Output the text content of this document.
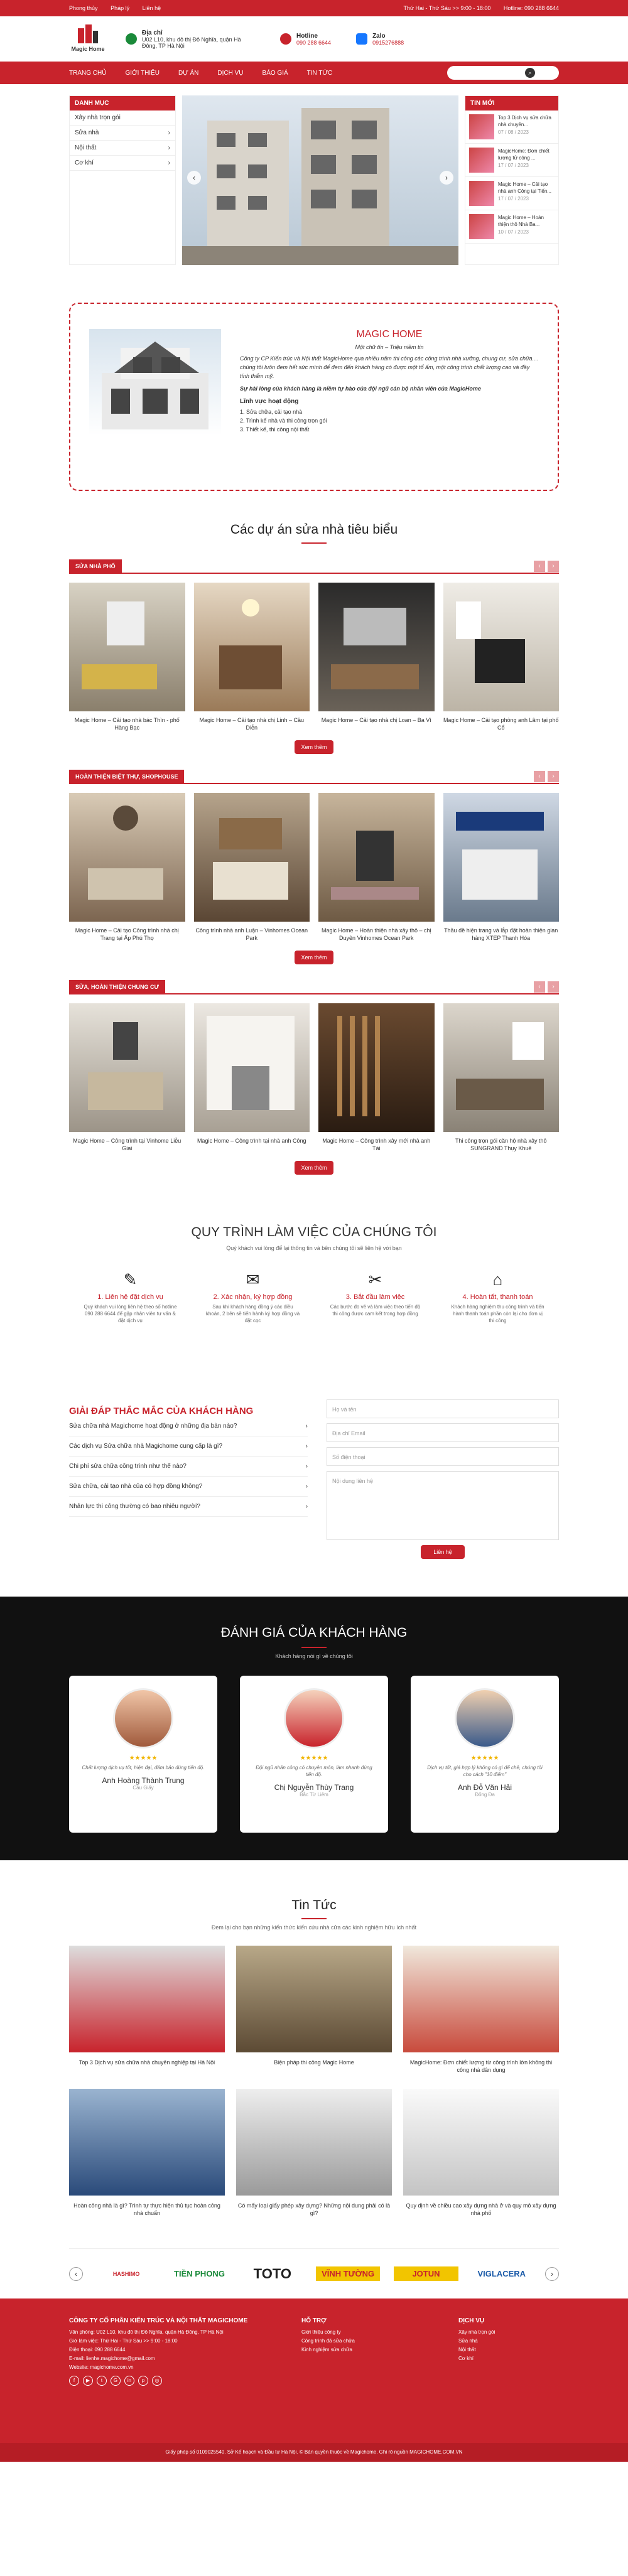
Phong thủy Pháp lý Liên hệ	Thứ Hai - Thứ Sáu >> 9:00 - 18:00 Hotline: 090 288 6644
Magic Home
Địa chỉ
U02 L10, khu đô thị Đô Nghĩa, quận Hà Đông, TP Hà Nội
Hotline
090 288 6644
Zalo
0915276888
TRANG CHỦ	GIỚI THIỆU	DỰ ÁN	DỊCH VỤ	BÁO GIÁ	TIN TỨC	Tìm kiếm	⌕
DANH MỤC
Xây nhà trọn gói
Sửa nhà	›
Nội thất	›
Cơ khí	›
‹	›
TIN MỚI

Top 3 Dịch vụ sửa chữa nhà chuyên...

07 / 08 / 2023

MagicHome: Đơn chiết lượng tử công ...

17 / 07 / 2023

Magic Home – Cải tạo nhà anh Công tại Tiến...

17 / 07 / 2023

Magic Home – Hoàn thiện thô Nhà Ba...

10 / 07 / 2023
MAGIC HOME
Một chữ tín – Triệu niềm tin

Công ty CP Kiến trúc và Nội thất MagicHome qua nhiều năm thi công các công trình nhà xưởng, chung cư, sửa chữa.... chúng tôi luôn đem hết sức mình để đem đến khách hàng có được một tổ ấm, một công trình chất lượng cao và đầy tính thẩm mỹ.

Sự hài lòng của khách hàng là niềm tự hào của đội ngũ cán bộ nhân viên của MagicHome

Lĩnh vực hoạt động

1. Sửa chữa, cải tạo nhà

2. Trình kế nhà và thi công trọn gói

3. Thiết kế, thi công nội thất

Các dự án sửa nhà tiêu biểu
SỬA NHÀ PHỐ	‹	›

Magic Home – Cải tạo nhà bác Thìn - phố Hàng Bạc

Magic Home – Cải tạo nhà chị Linh – Cầu Diễn

Magic Home – Cải tạo nhà chị Loan – Ba Vì	Magic Home – Cải tạo phòng anh Lâm tại phố Cổ

Xem thêm
HOÀN THIỆN BIỆT THỰ, SHOPHOUSE	‹	›

Magic Home – Cải tạo Công trình nhà chị Trang tại Ấp Phú Thọ

Công trình nhà anh Luận – Vinhomes Ocean Park

Magic Home – Hoàn thiện nhà xây thô – chị Duyên Vinhomes Ocean Park

Thầu đề hiện trang và lắp đặt hoàn thiện gian hàng XTEP Thanh Hóa

Xem thêm
SỬA, HOÀN THIỆN CHUNG CƯ	‹	›

Magic Home – Công trình tại Vinhome Liễu Giai

Magic Home – Công trình tại nhà anh Công	Magic Home – Công trình xây mới nhà anh Tài

Thi công trọn gói căn hộ nhà xây thô SUNGRAND Thụy Khuê

Xem thêm
QUY TRÌNH LÀM VIỆC CỦA CHÚNG TÔI
Quý khách vui lòng để lại thông tin và bên chúng tôi sẽ liên hệ với bạn
✎
1. Liên hệ đặt dịch vụ

Quý khách vui lòng liên hệ theo số hotline 090 288 6644 để gặp nhân viên tư vấn & đặt dịch vụ

✉
2. Xác nhận, ký hợp đồng

Sau khi khách hàng đồng ý các điều khoản, 2 bên sẽ tiến hành ký hợp đồng và đặt cọc

✂
3. Bắt đầu làm việc

Các bước đo vẽ và làm việc theo tiến độ thi công được cam kết trong hợp đồng

⌂
4. Hoàn tất, thanh toán

Khách hàng nghiệm thu công trình và tiến hành thanh toán phần còn lại cho đơn vị thi công

GIẢI ĐÁP THẮC MẮC CỦA KHÁCH HÀNG
Sửa chữa nhà Magichome hoạt động ở những địa bàn nào?	›
Các dịch vụ Sửa chữa nhà Magichome cung cấp là gì?	›
Chi phí sửa chữa công trình như thế nào?	›
Sửa chữa, cải tạo nhà của có hợp đồng không?	›
Nhân lực thi công thường có bao nhiêu người?	›
Họ và tên
Địa chỉ Email
Số điện thoại
Nội dung liên hệ
Liên hệ
ĐÁNH GIÁ CỦA KHÁCH HÀNG
Khách hàng nói gì về chúng tôi
★★★★★
Chất lượng dịch vụ tốt, hiện đại, đảm bảo đúng tiến độ.
Anh Hoàng Thành Trung
Cầu Giấy
★★★★★
Đội ngũ nhân công có chuyên môn, làm nhanh đúng tiến độ.
Chị Nguyễn Thùy Trang
Bắc Từ Liêm
★★★★★
Dịch vụ tốt, giá hợp lý không có gì để chê, chúng tôi cho cách "10 điểm"
Anh Đỗ Văn Hải
Đống Đa
Tin Tức
Đem lại cho bạn những kiến thức kiến cứu nhà cửa các kinh nghiệm hữu ích nhất

Top 3 Dịch vụ sửa chữa nhà chuyên nghiệp tại Hà Nội	Biện pháp thi công Magic Home	MagicHome: Đơn chiết lượng từ công trình lớn không thi công nhà dân dụng

Hoàn công nhà là gì? Trình tự thực hiện thủ tục hoàn công nhà chuẩn

Có mấy loại giấy phép xây dựng? Những nội dung phải có là gì?

Quy định về chiều cao xây dựng nhà ở và quy mô xây dựng nhà phố

‹	HASHIMO	TIỀN PHONG	TOTO	VĨNH TƯỜNG	JOTUN	VIGLACERA	›
CÔNG TY CỔ PHẦN KIẾN TRÚC VÀ NỘI THẤT MAGICHOME

Văn phòng: U02 L10, khu đô thị Đô Nghĩa, quận Hà Đông, TP Hà Nội

Giờ làm việc: Thứ Hai - Thứ Sáu >> 9:00 - 18:00

Điện thoại: 090 288 6644

E-mail: lienhe.magichome@gmail.com

Website: magichome.com.vn

f	▶	t	G	in	p	◎
HỖ TRỢ

Giới thiệu công ty

Công trình đã sửa chữa

Kinh nghiệm sửa chữa

DỊCH VỤ

Xây nhà trọn gói

Sửa nhà

Nội thất

Cơ khí

Giấy phép số 0109025540. Sở Kế hoạch và Đầu tư Hà Nội. © Bản quyền thuộc về Magichome. Ghi rõ nguồn MAGICHOME.COM.VN
